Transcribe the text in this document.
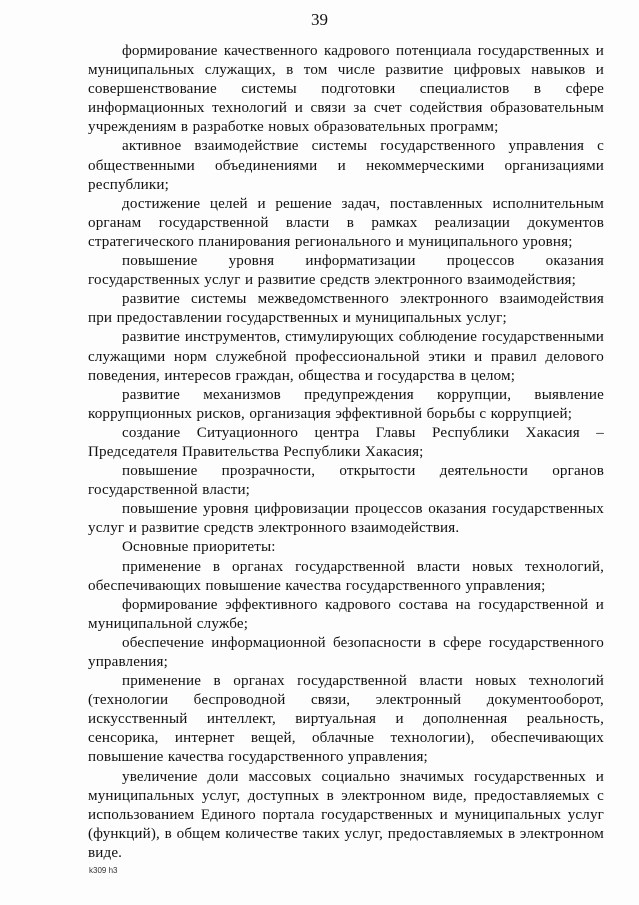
39

формирование качественного кадрового потенциала государственных и муниципальных служащих, в том числе развитие цифровых навыков и совершенствование системы подготовки специалистов в сфере информационных технологий и связи за счет содействия образовательным учреждениям в разработке новых образовательных программ;

активное взаимодействие системы государственного управления с общественными объединениями и некоммерческими организациями республики;

достижение целей и решение задач, поставленных исполнительным органам государственной власти в рамках реализации документов стратегического планирования регионального и муниципального уровня;

повышение уровня информатизации процессов оказания государственных услуг и развитие средств электронного взаимодействия;

развитие системы межведомственного электронного взаимодействия при предоставлении государственных и муниципальных услуг;

развитие инструментов, стимулирующих соблюдение государственными служащими норм служебной профессиональной этики и правил делового поведения, интересов граждан, общества и государства в целом;

развитие механизмов предупреждения коррупции, выявление коррупционных рисков, организация эффективной борьбы с коррупцией;

создание Ситуационного центра Главы Республики Хакасия – Председателя Правительства Республики Хакасия;

повышение прозрачности, открытости деятельности органов государственной власти;

повышение уровня цифровизации процессов оказания государственных услуг и развитие средств электронного взаимодействия.

Основные приоритеты:

применение в органах государственной власти новых технологий, обеспечивающих повышение качества государственного управления;

формирование эффективного кадрового состава на государственной и муниципальной службе;

обеспечение информационной безопасности в сфере государственного управления;

применение в органах государственной власти новых технологий (технологии беспроводной связи, электронный документооборот, искусственный интеллект, виртуальная и дополненная реальность, сенсорика, интернет вещей, облачные технологии), обеспечивающих повышение качества государственного управления;

увеличение доли массовых социально значимых государственных и муниципальных услуг, доступных в электронном виде, предоставляемых с использованием Единого портала государственных и муниципальных услуг (функций), в общем количестве таких услуг, предоставляемых в электронном виде.

k309 h3
